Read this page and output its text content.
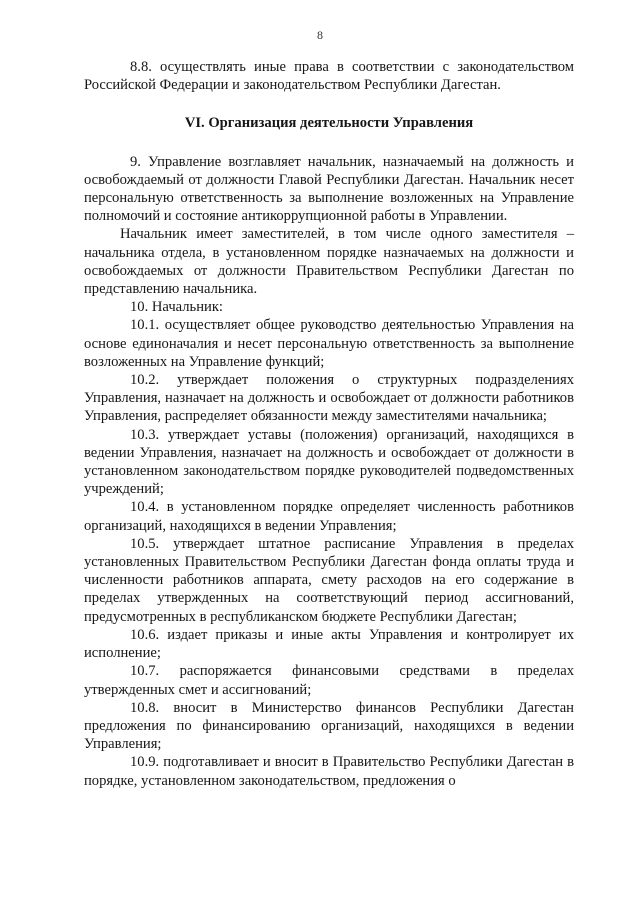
8

8.8. осуществлять иные права в соответствии с законодательством Российской Федерации и законодательством Республики Дагестан.

VI. Организация деятельности Управления

9. Управление возглавляет начальник, назначаемый на должность и освобождаемый от должности Главой Республики Дагестан. Начальник несет персональную ответственность за выполнение возложенных на Управление полномочий и состояние антикоррупционной работы в Управлении.

Начальник имеет заместителей, в том числе одного заместителя – начальника отдела, в установленном порядке назначаемых на должности и освобождаемых от должности Правительством Республики Дагестан по представлению начальника.

10. Начальник:

10.1. осуществляет общее руководство деятельностью Управления на основе единоначалия и несет персональную ответственность за выполнение возложенных на Управление функций;

10.2. утверждает положения о структурных подразделениях Управления, назначает на должность и освобождает от должности работников Управления, распределяет обязанности между заместителями начальника;

10.3. утверждает уставы (положения) организаций, находящихся в ведении Управления, назначает на должность и освобождает от должности в установленном законодательством порядке руководителей подведомственных учреждений;

10.4. в установленном порядке определяет численность работников организаций, находящихся в ведении Управления;

10.5. утверждает штатное расписание Управления в пределах установленных Правительством Республики Дагестан фонда оплаты труда и численности работников аппарата, смету расходов на его содержание в пределах утвержденных на соответствующий период ассигнований, предусмотренных в республиканском бюджете Республики Дагестан;

10.6. издает приказы и иные акты Управления и контролирует их исполнение;

10.7. распоряжается финансовыми средствами в пределах утвержденных смет и ассигнований;

10.8. вносит в Министерство финансов Республики Дагестан предложения по финансированию организаций, находящихся в ведении Управления;

10.9. подготавливает и вносит в Правительство Республики Дагестан в порядке, установленном законодательством, предложения о
